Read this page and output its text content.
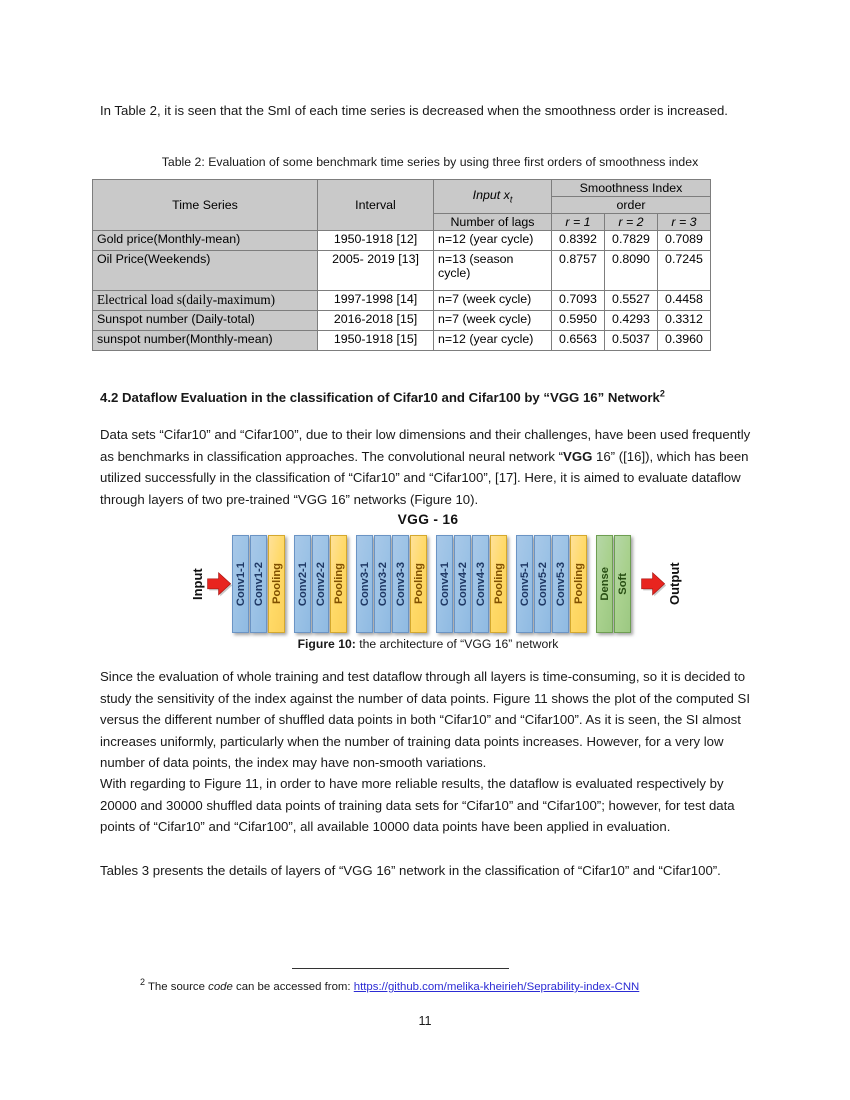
In Table 2, it is seen that the SmI of each time series is decreased when the smoothness order is increased.
Table 2: Evaluation of some benchmark time series by using three first orders of smoothness index
Time Series	Interval	Input $x_t$	Smoothness Index		
			order		
		Number of lags	r = 1	r = 2	r = 3
Gold price(Monthly-mean)	1950-1918 [12]	n=12 (year cycle)	0.8392	0.7829	0.7089
Oil Price(Weekends)	2005- 2019 [13]	n=13 (season cycle)	0.8757	0.8090	0.7245
Electrical load s(daily-maximum)	1997-1998 [14]	n=7 (week cycle)	0.7093	0.5527	0.4458
Sunspot number (Daily-total)	2016-2018 [15]	n=7 (week cycle)	0.5950	0.4293	0.3312
sunspot number(Monthly-mean)	1950-1918 [15]	n=12 (year cycle)	0.6563	0.5037	0.3960
4.2 Dataflow Evaluation in the classification of Cifar10 and Cifar100 by “VGG 16” Network$^2$
Data sets “Cifar10” and “Cifar100”, due to their low dimensions and their challenges, have been used frequently as benchmarks in classification approaches. The convolutional neural network “VGG 16” ([16]), which has been utilized successfully in the classification of “Cifar10” and “Cifar100”, [17]. Here, it is aimed to evaluate dataflow through layers of two pre-trained “VGG 16” networks (Figure 10).
VGG - 16
Input	Conv1-1 Conv1-2 Pooling Conv2-1 Conv2-2 Pooling Conv3-1 Conv3-2 Conv3-3 Pooling Conv4-1 Conv4-2 Conv4-3 Pooling Conv5-1 Conv5-2 Conv5-3 Pooling Dense Soft	Output
Figure 10: the architecture of “VGG 16” network
Since the evaluation of whole training and test dataflow through all layers is time-consuming, so it is decided to study the sensitivity of the index against the number of data points. Figure 11 shows the plot of the computed SI versus the different number of shuffled data points in both “Cifar10” and “Cifar100”. As it is seen, the SI almost increases uniformly, particularly when the number of training data points increases. However, for a very low number of data points, the index may have non-smooth variations.
With regarding to Figure 11, in order to have more reliable results, the dataflow is evaluated respectively by 20000 and 30000 shuffled data points of training data sets for “Cifar10” and “Cifar100”; however, for test data points of “Cifar10” and “Cifar100”, all available 10000 data points have been applied in evaluation.
Tables 3 presents the details of layers of “VGG 16” network in the classification of “Cifar10” and “Cifar100”.
$^2$ The source code can be accessed from: https://github.com/melika-kheirieh/Seprability-index-CNN
11
